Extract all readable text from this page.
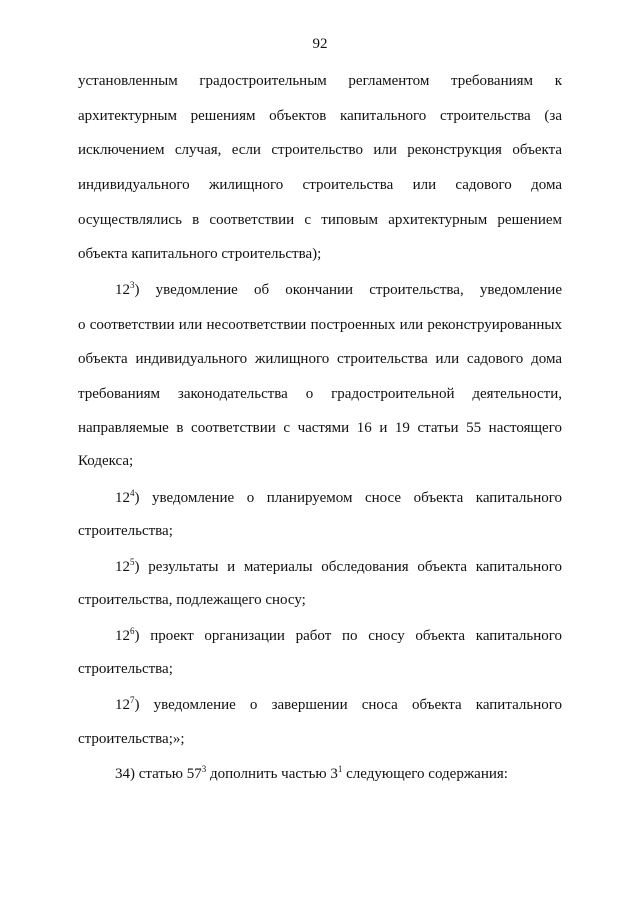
92
установленным градостроительным регламентом требованиям к
архитектурным решениям объектов капитального строительства (за
исключением случая, если строительство или реконструкция объекта
индивидуального жилищного строительства или садового дома
осуществлялись в соответствии с типовым архитектурным решением
объекта капитального строительства);
$12^3$) уведомление об окончании строительства, уведомление
о соответствии или несоответствии построенных или реконструированных
объекта индивидуального жилищного строительства или садового дома
требованиям законодательства о градостроительной деятельности,
направляемые в соответствии с частями 16 и 19 статьи 55 настоящего
Кодекса;
$12^4$) уведомление о планируемом сносе объекта капитального
строительства;
$12^5$) результаты и материалы обследования объекта капитального
строительства, подлежащего сносу;
$12^6$) проект организации работ по сносу объекта капитального
строительства;
$12^7$) уведомление о завершении сноса объекта капитального
строительства;»;
34) статью $57^3$ дополнить частью $3^1$ следующего содержания:
